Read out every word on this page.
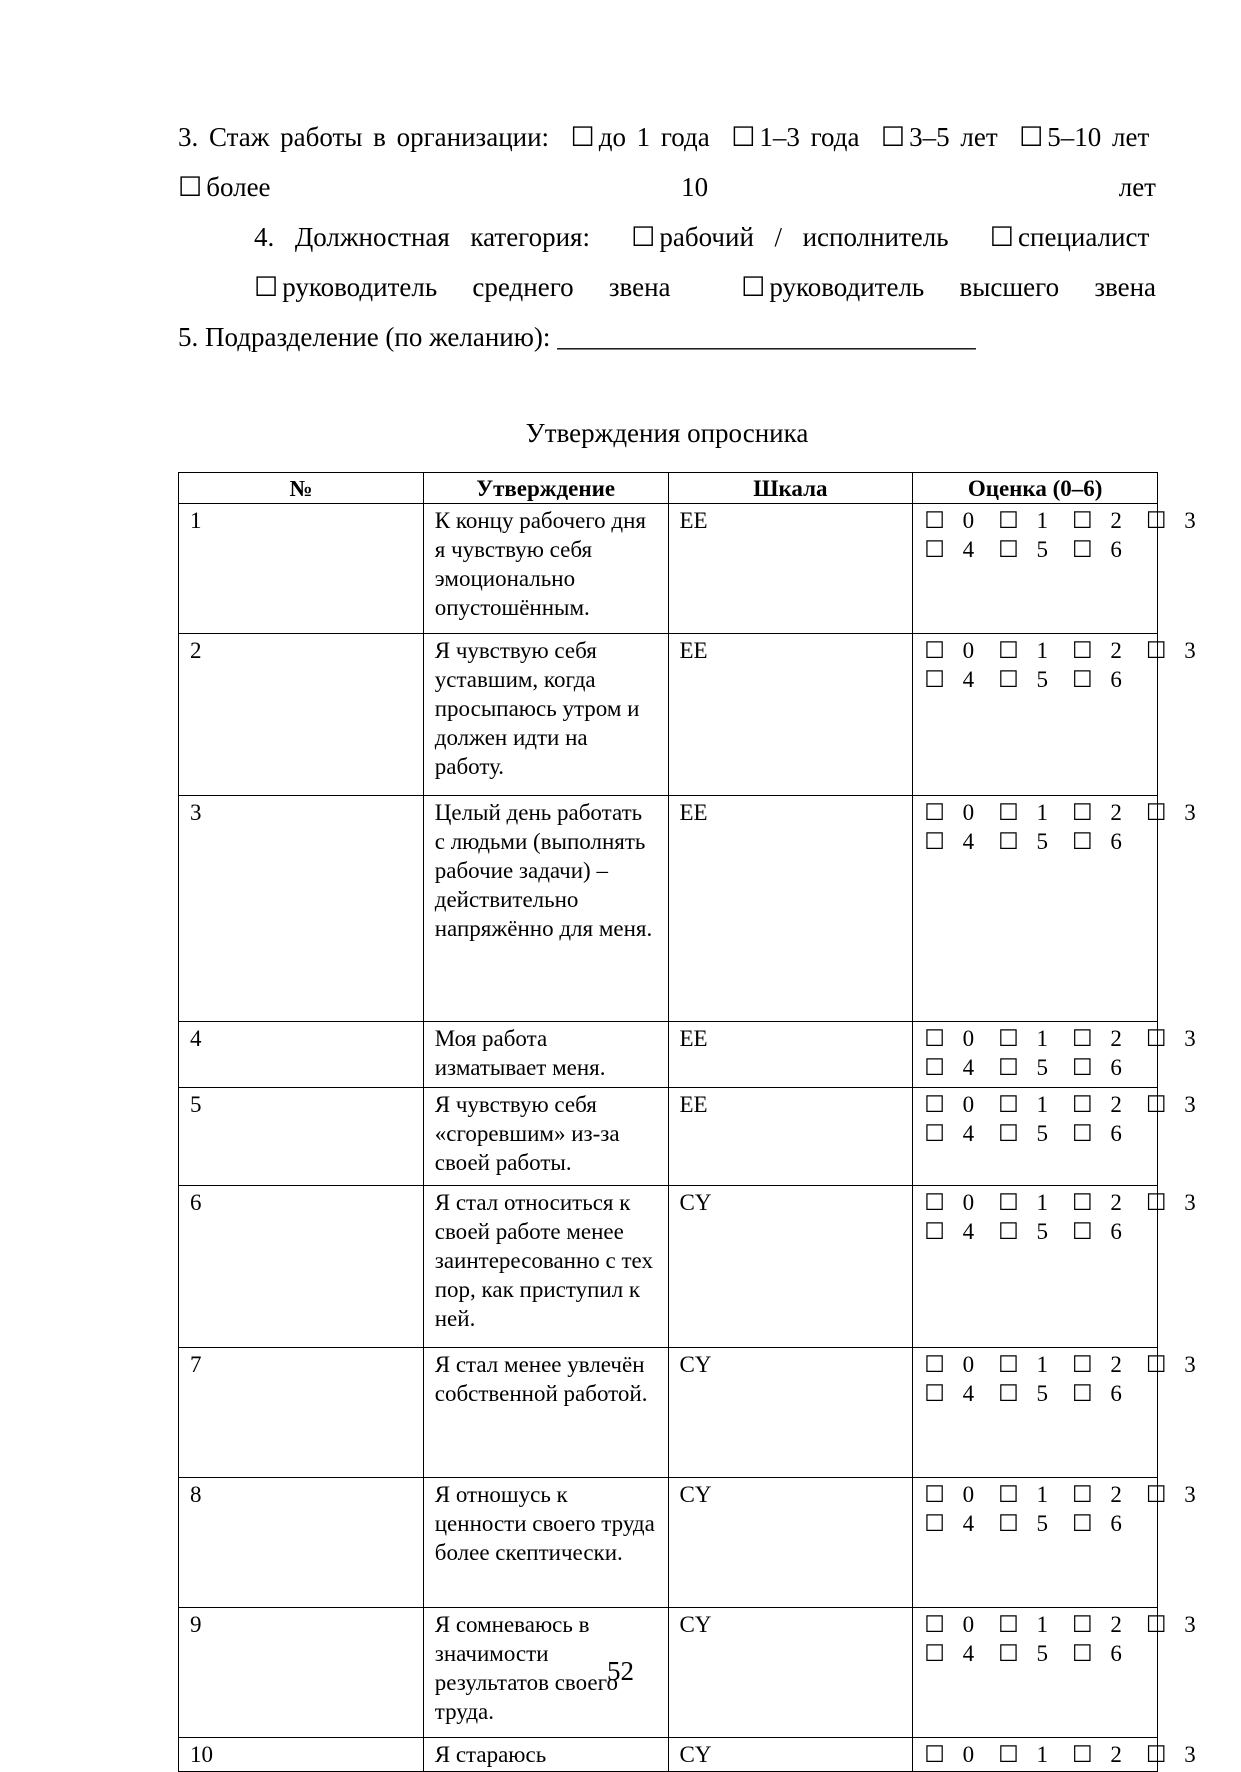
3. Стаж работы в организации: ☐ до 1 года ☐ 1–3 года ☐ 3–5 лет ☐ 5–10 лет  ☐ более 10 лет
4. Должностная категория: ☐ рабочий / исполнитель ☐ специалист  ☐ руководитель среднего звена	☐ руководитель высшего звена
5. Подразделение (по желанию): _______________________________
Утверждения опросника
№	Утверждение	Шкала	Оценка (0–6)
1	К концу рабочего дня я чувствую себя эмоционально опустошённым.	EE	☐ 0 ☐ 1 ☐ 2 ☐ 3
☐ 4 ☐ 5 ☐ 6

2	Я чувствую себя уставшим, когда просыпаюсь утром и должен идти на работу.	EE	☐ 0 ☐ 1 ☐ 2 ☐ 3
☐ 4 ☐ 5 ☐ 6

3	Целый день работать с людьми (выполнять рабочие задачи) – действительно напряжённо для меня.	EE	☐ 0 ☐ 1 ☐ 2 ☐ 3
☐ 4 ☐ 5 ☐ 6

4	Моя работа изматывает меня.	EE	☐ 0 ☐ 1 ☐ 2 ☐ 3
☐ 4 ☐ 5 ☐ 6

5	Я чувствую себя «сгоревшим» из-за своей работы.	EE	☐ 0 ☐ 1 ☐ 2 ☐ 3
☐ 4 ☐ 5 ☐ 6

6	Я стал относиться к своей работе менее заинтересованно с тех пор, как приступил к ней.	CY	☐ 0 ☐ 1 ☐ 2 ☐ 3
☐ 4 ☐ 5 ☐ 6

7	Я стал менее увлечён собственной работой.	CY	☐ 0 ☐ 1 ☐ 2 ☐ 3
☐ 4 ☐ 5 ☐ 6

8	Я отношусь к ценности своего труда более скептически.	CY	☐ 0 ☐ 1 ☐ 2 ☐ 3
☐ 4 ☐ 5 ☐ 6

9	Я сомневаюсь в значимости результатов своего труда.	CY	☐ 0 ☐ 1 ☐ 2 ☐ 3
☐ 4 ☐ 5 ☐ 6

10	Я стараюсь	CY	☐ 0 ☐ 1 ☐ 2 ☐ 3
52
